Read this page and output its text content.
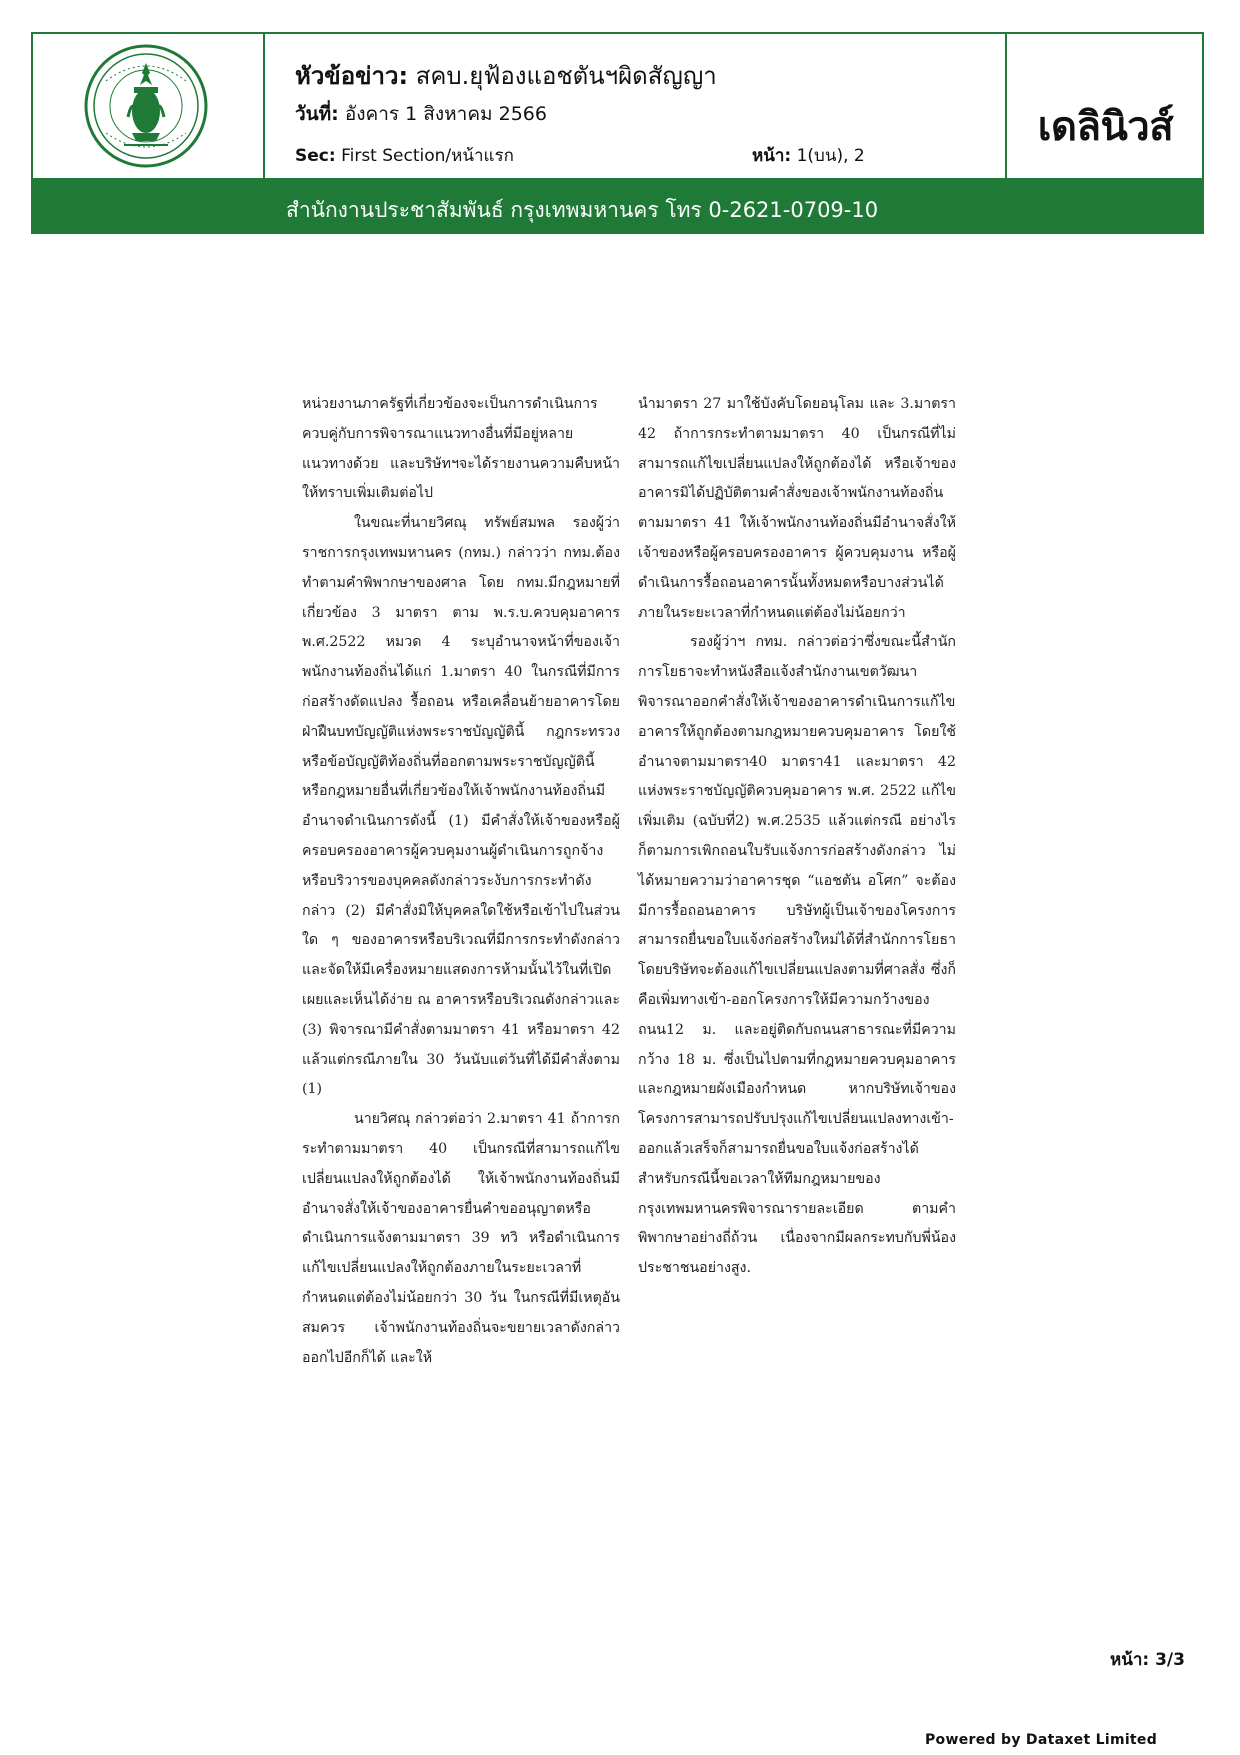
หัวข้อข่าว: สคบ.ยุฟ้องแอชตันฯผิดสัญญา
วันที่: อังคาร 1 สิงหาคม 2566
Sec: First Section/หน้าแรก	หน้า: 1(บน), 2
เดลินิวส์
สำนักงานประชาสัมพันธ์ กรุงเทพมหานคร โทร 0-2621-0709-10

หน่วยงานภาครัฐที่เกี่ยวข้องจะเป็นการดำเนินการควบคู่กับการพิจารณาแนวทางอื่นที่มีอยู่หลายแนวทางด้วย และบริษัทฯจะได้รายงานความคืบหน้าให้ทราบเพิ่มเติมต่อไป

ในขณะที่นายวิศณุ ทรัพย์สมพล รองผู้ว่าราชการกรุงเทพมหานคร (กทม.) กล่าวว่า กทม.ต้องทำตามคำพิพากษาของศาล โดย กทม.มีกฎหมายที่เกี่ยวข้อง 3 มาตรา ตาม พ.ร.บ.ควบคุมอาคาร พ.ศ.2522 หมวด 4 ระบุอำนาจหน้าที่ของเจ้าพนักงานท้องถิ่นได้แก่ 1.มาตรา 40 ในกรณีที่มีการก่อสร้างดัดแปลง รื้อถอน หรือเคลื่อนย้ายอาคารโดยฝ่าฝืนบทบัญญัติแห่งพระราชบัญญัตินี้ กฎกระทรวง หรือข้อบัญญัติท้องถิ่นที่ออกตามพระราชบัญญัตินี้ หรือกฎหมายอื่นที่เกี่ยวข้องให้เจ้าพนักงานท้องถิ่นมีอำนาจดำเนินการดังนี้ (1) มีคำสั่งให้เจ้าของหรือผู้ครอบครองอาคารผู้ควบคุมงานผู้ดำเนินการถูกจ้างหรือบริวารของบุคคลดังกล่าวระงับการกระทำดังกล่าว (2) มีคำสั่งมิให้บุคคลใดใช้หรือเข้าไปในส่วนใด ๆ ของอาคารหรือบริเวณที่มีการกระทำดังกล่าวและจัดให้มีเครื่องหมายแสดงการห้ามนั้นไว้ในที่เปิดเผยและเห็นได้ง่าย ณ อาคารหรือบริเวณดังกล่าวและ (3) พิจารณามีคำสั่งตามมาตรา 41 หรือมาตรา 42 แล้วแต่กรณีภายใน 30 วันนับแต่วันที่ได้มีคำสั่งตาม (1)

นายวิศณุ กล่าวต่อว่า 2.มาตรา 41 ถ้าการกระทำตามมาตรา 40 เป็นกรณีที่สามารถแก้ไขเปลี่ยนแปลงให้ถูกต้องได้ ให้เจ้าพนักงานท้องถิ่นมีอำนาจสั่งให้เจ้าของอาคารยื่นคำขออนุญาตหรือดำเนินการแจ้งตามมาตรา 39 ทวิ หรือดำเนินการแก้ไขเปลี่ยนแปลงให้ถูกต้องภายในระยะเวลาที่กำหนดแต่ต้องไม่น้อยกว่า 30 วัน ในกรณีที่มีเหตุอันสมควร เจ้าพนักงานท้องถิ่นจะขยายเวลาดังกล่าวออกไปอีกก็ได้ และให้

นำมาตรา 27 มาใช้บังคับโดยอนุโลม และ 3.มาตรา 42 ถ้าการกระทำตามมาตรา 40 เป็นกรณีที่ไม่สามารถแก้ไขเปลี่ยนแปลงให้ถูกต้องได้ หรือเจ้าของอาคารมิได้ปฏิบัติตามคำสั่งของเจ้าพนักงานท้องถิ่นตามมาตรา 41 ให้เจ้าพนักงานท้องถิ่นมีอำนาจสั่งให้เจ้าของหรือผู้ครอบครองอาคาร ผู้ควบคุมงาน หรือผู้ดำเนินการรื้อถอนอาคารนั้นทั้งหมดหรือบางส่วนได้ภายในระยะเวลาที่กำหนดแต่ต้องไม่น้อยกว่า

รองผู้ว่าฯ กทม. กล่าวต่อว่าซึ่งขณะนี้สำนักการโยธาจะทำหนังสือแจ้งสำนักงานเขตวัฒนา พิจารณาออกคำสั่งให้เจ้าของอาคารดำเนินการแก้ไขอาคารให้ถูกต้องตามกฎหมายควบคุมอาคาร โดยใช้อำนาจตามมาตรา40 มาตรา41 และมาตรา 42 แห่งพระราชบัญญัติควบคุมอาคาร พ.ศ. 2522 แก้ไขเพิ่มเติม (ฉบับที่2) พ.ศ.2535 แล้วแต่กรณี อย่างไรก็ตามการเพิกถอนใบรับแจ้งการก่อสร้างดังกล่าว ไม่ได้หมายความว่าอาคารชุด “แอชตัน อโศก” จะต้องมีการรื้อถอนอาคาร บริษัทผู้เป็นเจ้าของโครงการ สามารถยื่นขอใบแจ้งก่อสร้างใหม่ได้ที่สำนักการโยธา โดยบริษัทจะต้องแก้ไขเปลี่ยนแปลงตามที่ศาลสั่ง ซึ่งก็คือเพิ่มทางเข้า-ออกโครงการให้มีความกว้างของถนน12 ม. และอยู่ติดกับถนนสาธารณะที่มีความกว้าง 18 ม. ซึ่งเป็นไปตามที่กฎหมายควบคุมอาคารและกฎหมายผังเมืองกำหนด หากบริษัทเจ้าของโครงการสามารถปรับปรุงแก้ไขเปลี่ยนแปลงทางเข้า-ออกแล้วเสร็จก็สามารถยื่นขอใบแจ้งก่อสร้างได้ สำหรับกรณีนี้ขอเวลาให้ทีมกฎหมายของกรุงเทพมหานครพิจารณารายละเอียด ตามคำพิพากษาอย่างถี่ถ้วน เนื่องจากมีผลกระทบกับพี่น้องประชาชนอย่างสูง.

หน้า: 3/3
Powered by Dataxet Limited
